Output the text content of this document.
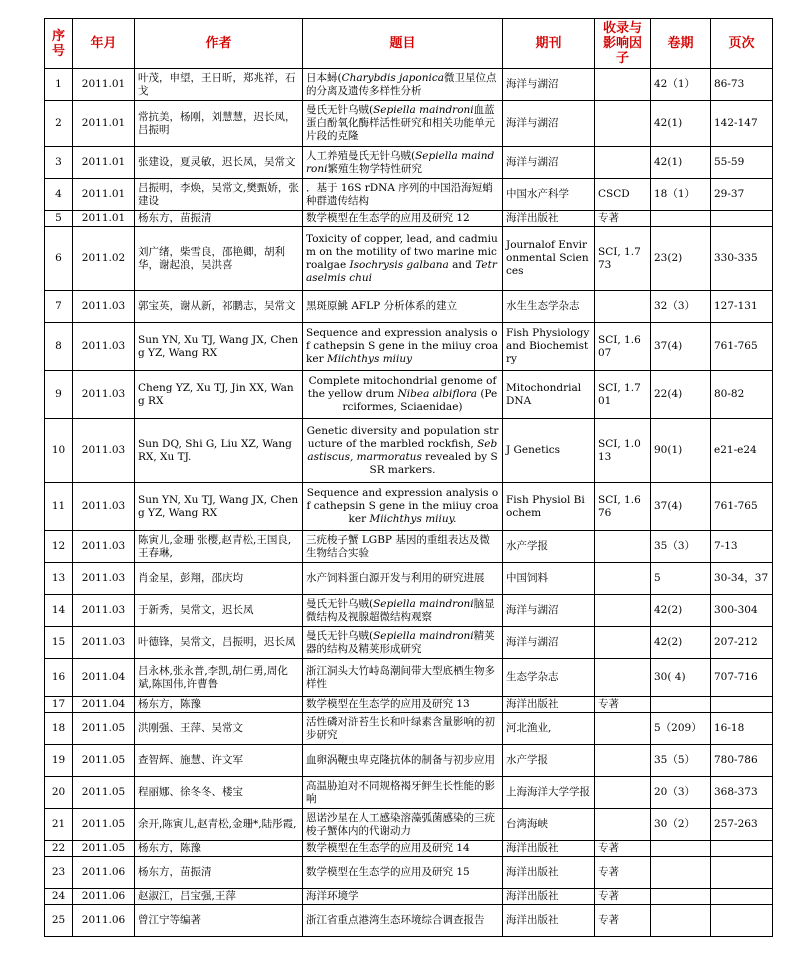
序号	年月	作者	题目	期刊	收录与影响因子	卷期	页次
1	2011.01	叶茂，申望，王日昕，郑兆祥，石戈	日本蟳(Charybdis japonica微卫星位点的分离及遗传多样性分析	海洋与湖沼		42（1）	86-73
2	2011.01	常抗美，杨刚，刘慧慧，迟长凤，吕振明	曼氏无针乌贼(Sepiella maindroni血蓝蛋白酚氧化酶样活性研究和相关功能单元片段的克隆	海洋与湖沼		42(1)	142-147
3	2011.01	张建设，夏灵敏，迟长凤，吴常文	人工养殖曼氏无针乌贼(Sepiella maindroni繁殖生物学特性研究	海洋与湖沼		42(1)	55-59
4	2011.01	吕振明，李焕，吴常文,樊甄娇，张建设	．基于 16S rDNA 序列的中国沿海短蛸种群遗传结构	中国水产科学	CSCD	18（1）	29-37
5	2011.01	杨东方，苗振清	数学模型在生态学的应用及研究 12	海洋出版社	专著		
6	2011.02	刘广绪，柴雪良，邵艳卿，胡利华，谢起浪，吴洪喜	Toxicity of copper, lead, and cadmium on the motility of two marine microalgae Isochrysis galbana and Tetraselmis chui	Journalof Environmental Sciences	SCI, 1.773	23(2)	330-335
7	2011.03	郭宝英，谢从新，祁鹏志，吴常文	黑斑原鮡 AFLP 分析体系的建立	水生生态学杂志		32（3）	127-131
8	2011.03	Sun YN, Xu TJ, Wang JX, Cheng YZ, Wang RX	Sequence and expression analysis of cathepsin S gene in the miiuy croaker Miichthys miiuy	Fish Physiology and Biochemistry	SCI, 1.607	37(4)	761-765
9	2011.03	Cheng YZ, Xu TJ, Jin XX, Wang RX	Complete mitochondrial genome of the yellow drum Nibea albiflora (Perciformes, Sciaenidae)	Mitochondrial DNA	SCI, 1.701	22(4)	80-82
10	2011.03	Sun DQ, Shi G, Liu XZ, Wang RX, Xu TJ.	Genetic diversity and population structure of the marbled rockfish, Sebastiscus, marmoratus revealed by SSR markers.	J Genetics	SCI, 1.013	90(1)	e21-e24
11	2011.03	Sun YN, Xu TJ, Wang JX, Cheng YZ, Wang RX	Sequence and expression analysis of cathepsin S gene in the miiuy croaker Miichthys miiuy.	Fish Physiol Biochem	SCI, 1.676	37(4)	761-765
12	2011.03	陈寅儿,金珊 张樱,赵青松,王国良,王春琳,	三疣梭子蟹 LGBP 基因的重组表达及微生物结合实验	水产学报		35（3）	7-13
13	2011.03	肖金星，彭翔，邵庆均	水产饲料蛋白源开发与利用的研究进展	中国饲料		5	30-34，37
14	2011.03	于新秀，吴常文，迟长凤	曼氏无针乌贼(Sepiella maindroni脑显微结构及视腺超微结构观察	海洋与湖沼		42(2)	300-304
15	2011.03	叶德锋，吴常文，吕振明，迟长凤	曼氏无针乌贼(Sepiella maindroni精荚器的结构及精荚形成研究	海洋与湖沼		42(2)	207-212
16	2011.04	吕永林,张永普,李凯,胡仁勇,周化斌,陈国伟,许曹鲁	浙江洞头大竹峙岛潮间带大型底栖生物多样性	生态学杂志		30( 4)	707-716
17	2011.04	杨东方，陈豫	数学模型在生态学的应用及研究 13	海洋出版社	专著		
18	2011.05	洪刚强、王萍、吴常文	活性磷对浒苔生长和叶绿素含量影响的初步研究	河北渔业,		5（209）	16-18
19	2011.05	查智辉、施慧、许文军	血卵涡鞭虫卑克隆抗体的制备与初步应用	水产学报		35（5）	780-786
20	2011.05	程丽娜、徐冬冬、楼宝	高温胁迫对不同规格褐牙鲆生长性能的影响	上海海洋大学学报		20（3）	368-373
21	2011.05	余开,陈寅儿,赵青松,金珊*,陆彤霞,	恩诺沙星在人工感染溶藻弧菌感染的三疣梭子蟹体内的代谢动力	台湾海峡		30（2）	257-263
22	2011.05	杨东方，陈豫	数学模型在生态学的应用及研究 14	海洋出版社	专著		
23	2011.06	杨东方，苗振清	数学模型在生态学的应用及研究 15	海洋出版社	专著		
24	2011.06	赵淑江，吕宝强,王萍	海洋环境学	海洋出版社	专著		
25	2011.06	曾江宁等编著	浙江省重点港湾生态环境综合调查报告	海洋出版社	专著		
